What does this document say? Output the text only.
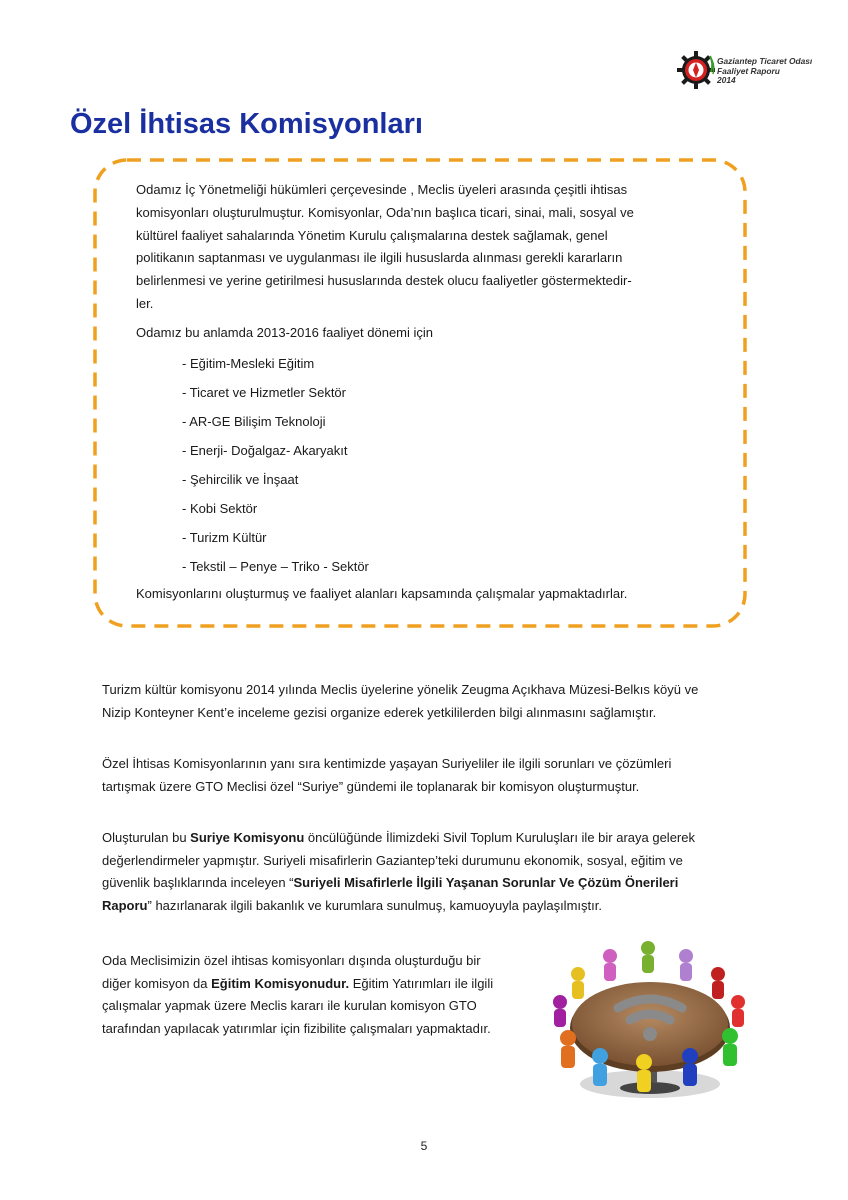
Gaziantep Ticaret Odası
Faaliyet Raporu
2014
Özel İhtisas Komisyonları

Odamız İç Yönetmeliği hükümleri çerçevesinde , Meclis üyeleri arasında çeşitli ihtisas

komisyonları oluşturulmuştur. Komisyonlar, Oda’nın başlıca ticari, sinai, mali, sosyal ve

kültürel faaliyet sahalarında Yönetim Kurulu çalışmalarına destek sağlamak, genel

politikanın saptanması ve uygulanması ile ilgili hususlarda alınması gerekli kararların

belirlenmesi ve yerine getirilmesi hususlarında destek olucu faaliyetler göstermektedir-

ler.

Odamız bu anlamda 2013-2016 faaliyet dönemi için

- Eğitim-Mesleki Eğitim
- Ticaret ve Hizmetler Sektör
- AR-GE Bilişim Teknoloji
- Enerji- Doğalgaz- Akaryakıt
- Şehircilik ve İnşaat
- Kobi Sektör
- Turizm Kültür
- Tekstil – Penye – Triko - Sektör
Komisyonlarını oluşturmuş ve faaliyet alanları kapsamında çalışmalar yapmaktadırlar.

Turizm kültür komisyonu 2014 yılında Meclis üyelerine yönelik Zeugma Açıkhava Müzesi-Belkıs köyü ve Nizip Konteyner Kent’e inceleme gezisi organize ederek yetkililerden bilgi alınmasını sağlamıştır.

Özel İhtisas Komisyonlarının yanı sıra kentimizde yaşayan Suriyeliler ile ilgili sorunları ve çözümleri tartışmak üzere GTO Meclisi özel “Suriye” gündemi ile toplanarak bir komisyon oluşturmuştur.

Oluşturulan bu Suriye Komisyonu öncülüğünde İlimizdeki Sivil Toplum Kuruluşları ile bir araya gelerek değerlendirmeler yapmıştır. Suriyeli misafirlerin Gaziantep’teki durumunu ekonomik, sosyal, eğitim ve güvenlik başlıklarında inceleyen “Suriyeli Misafirlerle İlgili Yaşanan Sorunlar Ve Çözüm Önerileri Raporu” hazırlanarak ilgili bakanlık ve kurumlara sunulmuş, kamuoyuyla paylaşılmıştır.

Oda Meclisimizin özel ihtisas komisyonları dışında oluşturduğu bir diğer komisyon da Eğitim Komisyonudur. Eğitim Yatırımları ile ilgili çalışmalar yapmak üzere Meclis kararı ile kurulan komisyon GTO tarafından yapılacak yatırımlar için fizibilite çalışmaları yapmaktadır.

5
